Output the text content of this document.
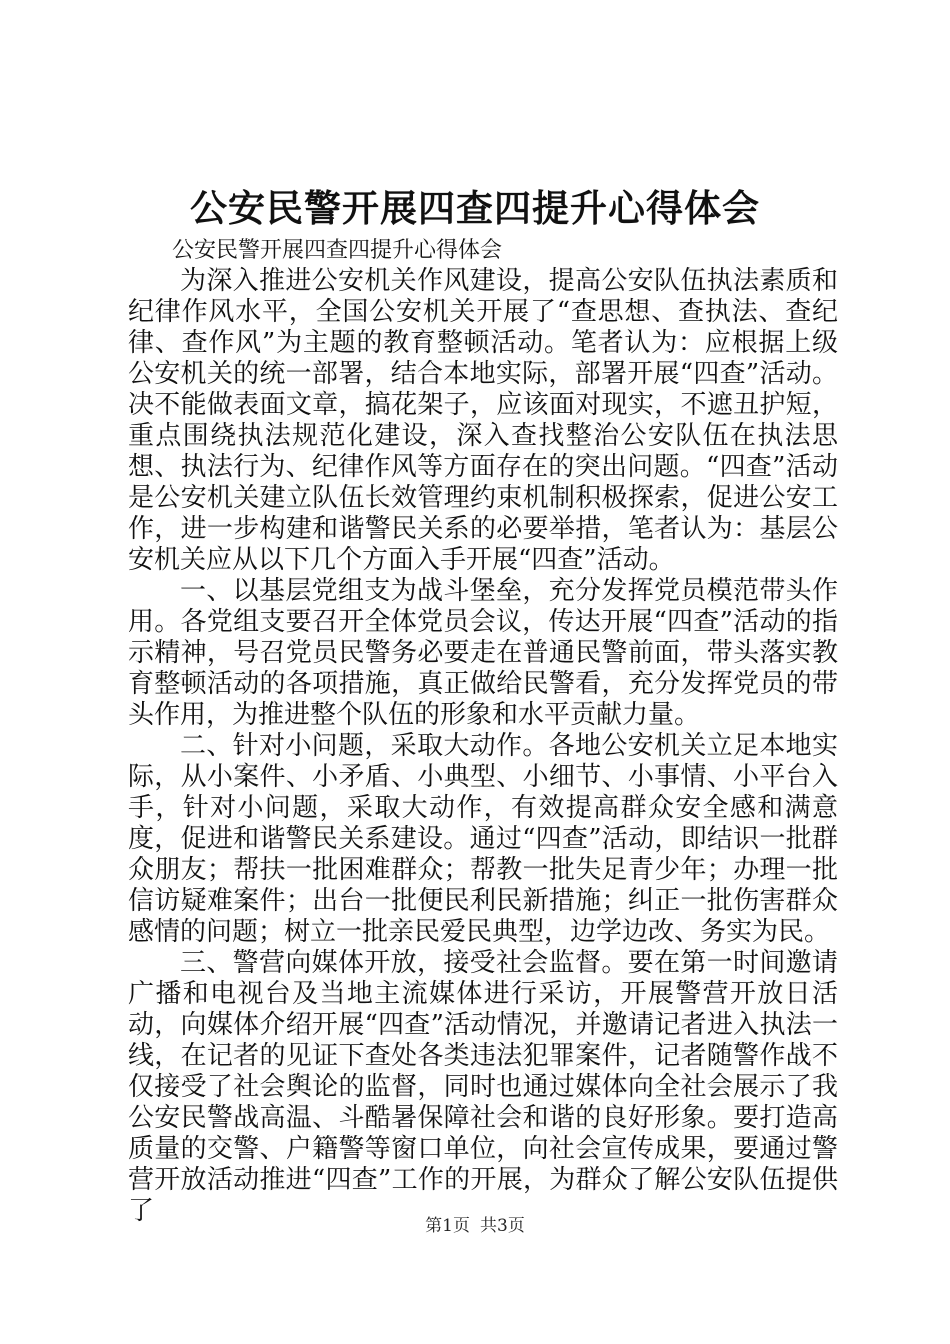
公安民警开展四查四提升心得体会

公安民警开展四查四提升心得体会

为深入推进公安机关作风建设，提高公安队伍执法素质和纪律作风水平，全国公安机关开展了“查思想、查执法、查纪律、查作风”为主题的教育整顿活动。笔者认为：应根据上级公安机关的统一部署，结合本地实际，部署开展“四查”活动。决不能做表面文章，搞花架子，应该面对现实，不遮丑护短，重点围绕执法规范化建设，深入查找整治公安队伍在执法思想、执法行为、纪律作风等方面存在的突出问题。“四查”活动是公安机关建立队伍长效管理约束机制积极探索，促进公安工作，进一步构建和谐警民关系的必要举措，笔者认为：基层公安机关应从以下几个方面入手开展“四查”活动。

一、以基层党组支为战斗堡垒，充分发挥党员模范带头作用。各党组支要召开全体党员会议，传达开展“四查”活动的指示精神，号召党员民警务必要走在普通民警前面，带头落实教育整顿活动的各项措施，真正做给民警看，充分发挥党员的带头作用，为推进整个队伍的形象和水平贡献力量。

二、针对小问题，采取大动作。各地公安机关立足本地实际，从小案件、小矛盾、小典型、小细节、小事情、小平台入手，针对小问题，采取大动作，有效提高群众安全感和满意度，促进和谐警民关系建设。通过“四查”活动，即结识一批群众朋友；帮扶一批困难群众；帮教一批失足青少年；办理一批信访疑难案件；出台一批便民利民新措施；纠正一批伤害群众感情的问题；树立一批亲民爱民典型，边学边改、务实为民。

三、警营向媒体开放，接受社会监督。要在第一时间邀请广播和电视台及当地主流媒体进行采访，开展警营开放日活动，向媒体介绍开展“四查”活动情况，并邀请记者进入执法一线，在记者的见证下查处各类违法犯罪案件，记者随警作战不仅接受了社会舆论的监督，同时也通过媒体向全社会展示了我公安民警战高温、斗酷暑保障社会和谐的良好形象。要打造高质量的交警、户籍警等窗口单位，向社会宣传成果，要通过警营开放活动推进“四查”工作的开展，为群众了解公安队伍提供了	第1页 共3页
